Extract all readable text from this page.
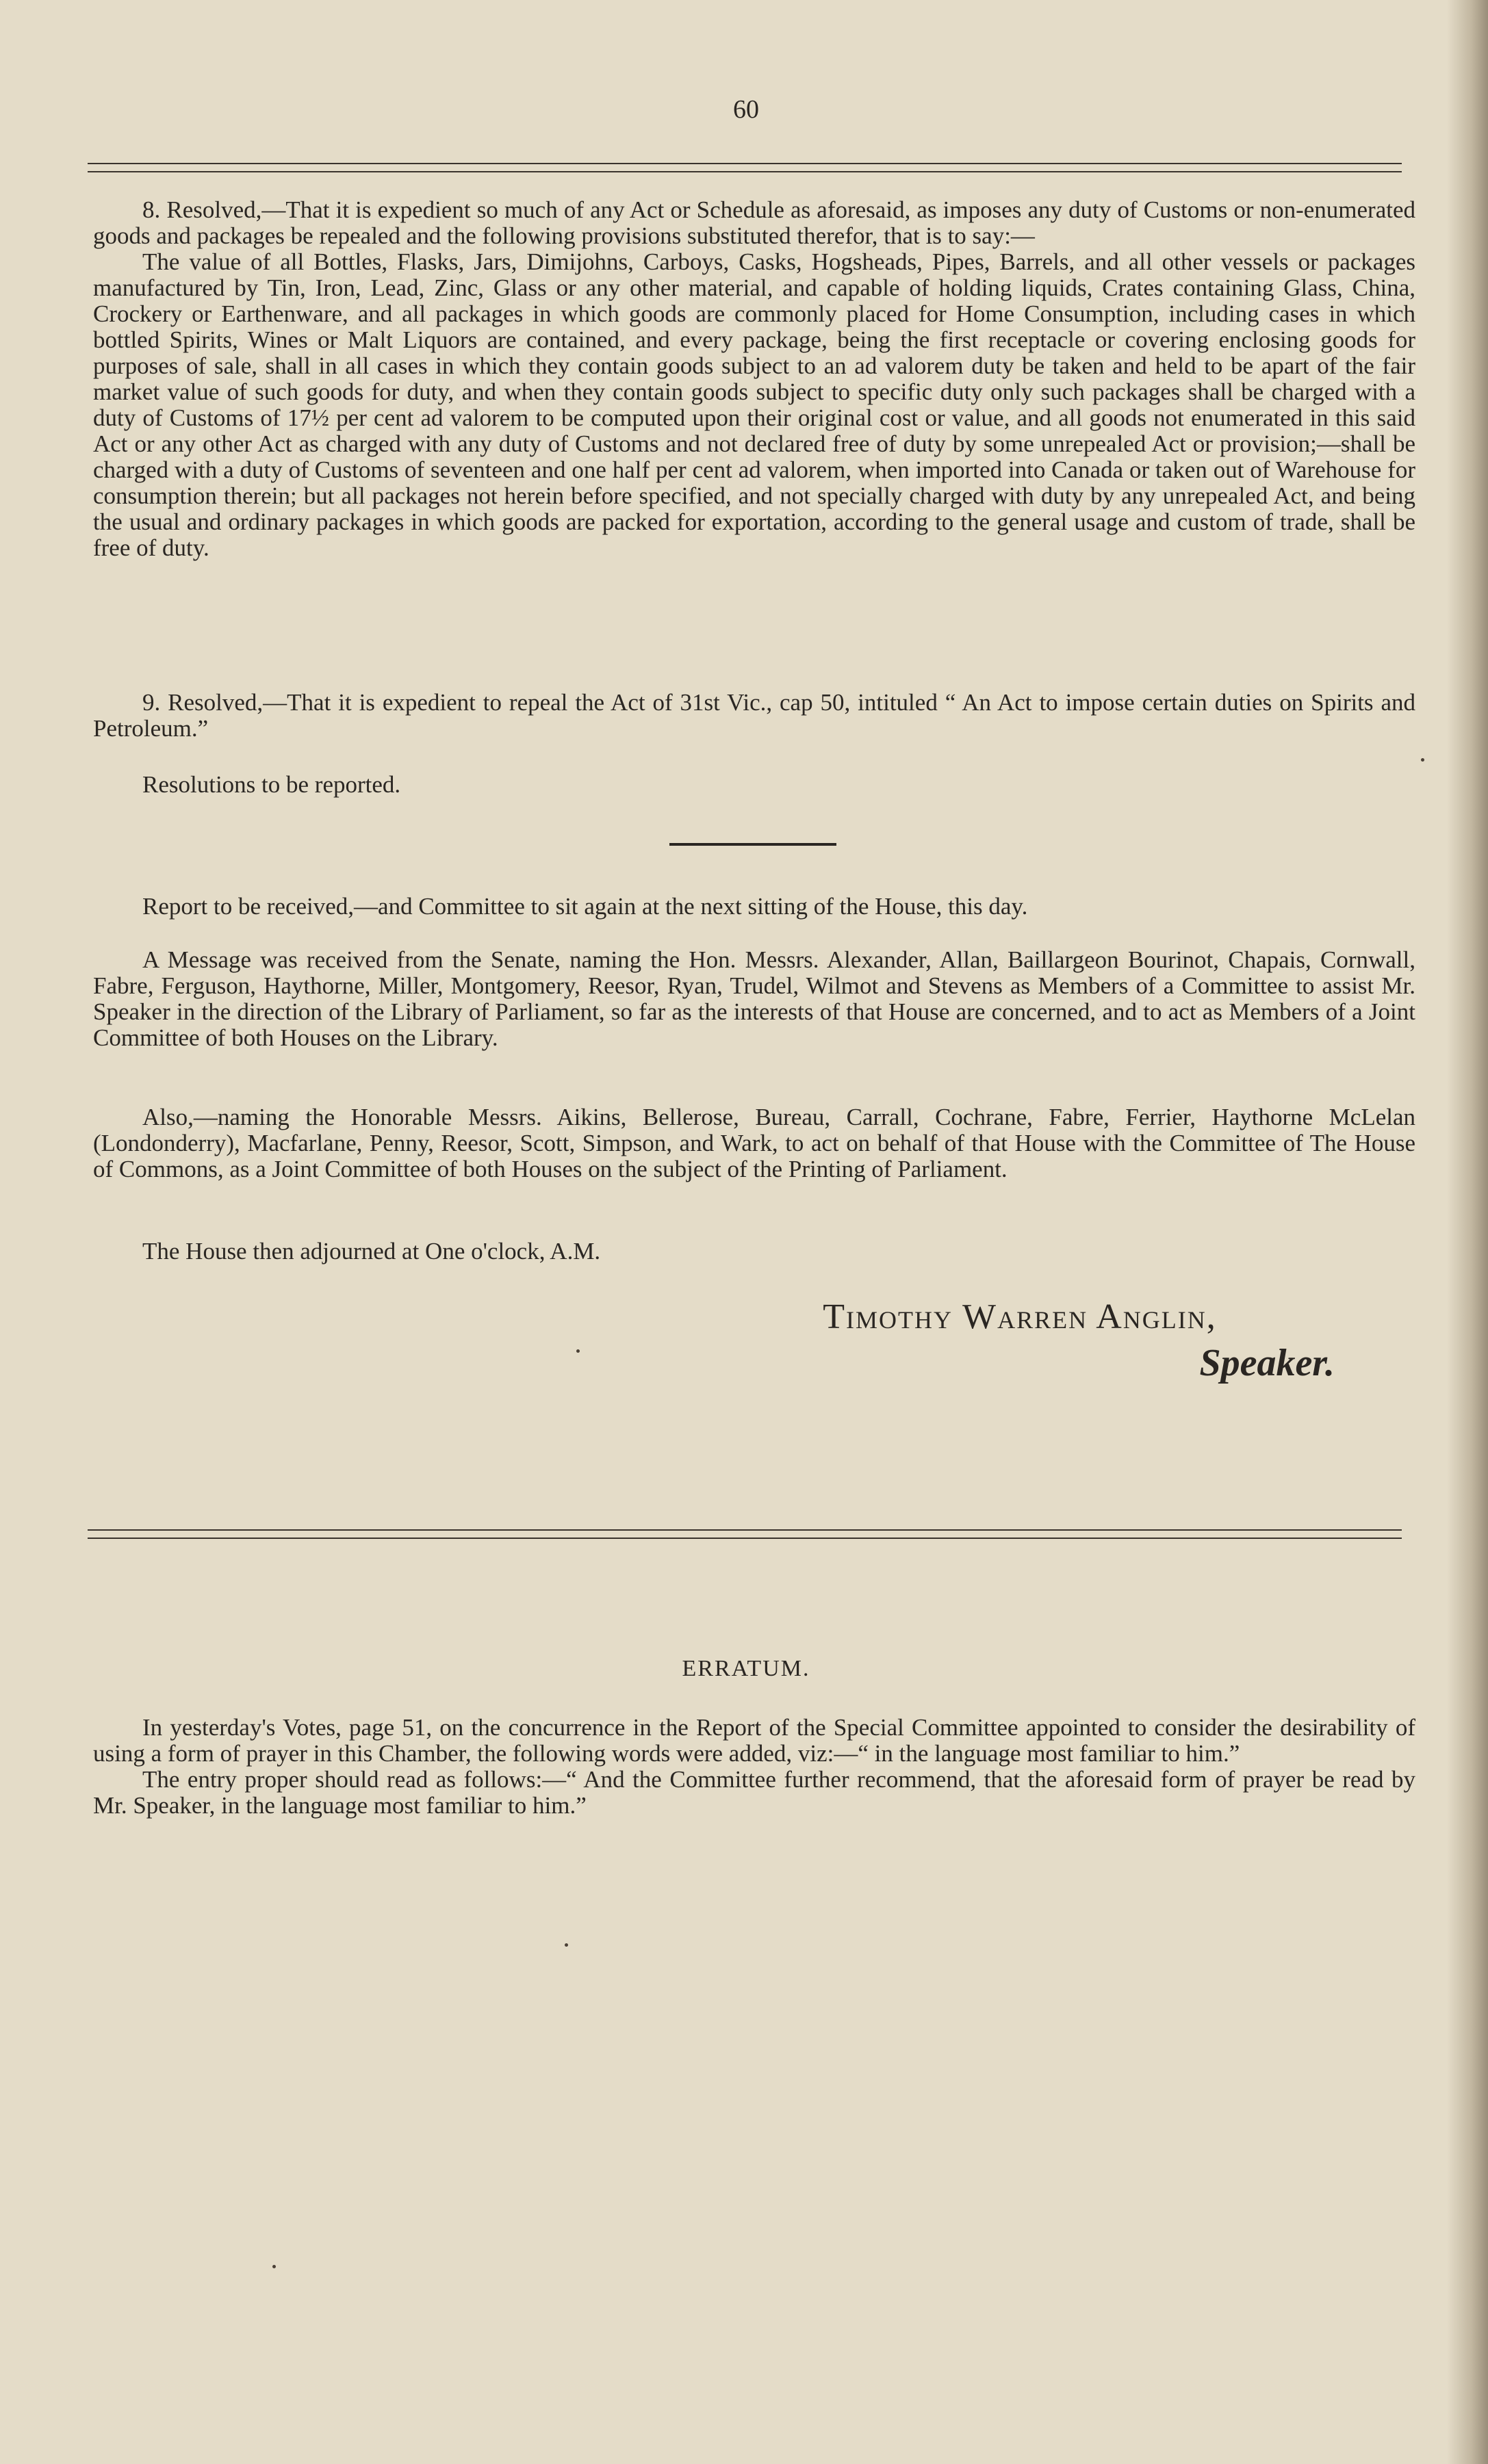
60

8. Resolved,—That it is expedient so much of any Act or Schedule as aforesaid, as imposes any duty of Customs or non-enumerated goods and packages be repealed and the following provisions substituted therefor, that is to say:—

The value of all Bottles, Flasks, Jars, Dimijohns, Carboys, Casks, Hogsheads, Pipes, Barrels, and all other vessels or packages manufactured by Tin, Iron, Lead, Zinc, Glass or any other material, and capable of holding liquids, Crates containing Glass, China, Crockery or Earthenware, and all packages in which goods are commonly placed for Home Consumption, including cases in which bottled Spirits, Wines or Malt Liquors are contained, and every package, being the first receptacle or covering enclosing goods for purposes of sale, shall in all cases in which they contain goods subject to an ad valorem duty be taken and held to be apart of the fair market value of such goods for duty, and when they contain goods subject to specific duty only such packages shall be charged with a duty of Customs of 17½ per cent ad valorem to be computed upon their original cost or value, and all goods not enumerated in this said Act or any other Act as charged with any duty of Customs and not declared free of duty by some unrepealed Act or provision;—shall be charged with a duty of Customs of seventeen and one half per cent ad valorem, when imported into Canada or taken out of Warehouse for consumption therein; but all packages not herein before specified, and not specially charged with duty by any unrepealed Act, and being the usual and ordinary packages in which goods are packed for exportation, according to the general usage and custom of trade, shall be free of duty.

9. Resolved,—That it is expedient to repeal the Act of 31st Vic., cap 50, intituled “ An Act to impose certain duties on Spirits and Petroleum.”

Resolutions to be reported.

Report to be received,—and Committee to sit again at the next sitting of the House, this day.

A Message was received from the Senate, naming the Hon. Messrs. Alexander, Allan, Baillargeon Bourinot, Chapais, Cornwall, Fabre, Ferguson, Haythorne, Miller, Montgomery, Reesor, Ryan, Trudel, Wilmot and Stevens as Members of a Committee to assist Mr. Speaker in the direction of the Library of Parliament, so far as the interests of that House are concerned, and to act as Members of a Joint Committee of both Houses on the Library.

Also,—naming the Honorable Messrs. Aikins, Bellerose, Bureau, Carrall, Cochrane, Fabre, Ferrier, Haythorne McLelan (Londonderry), Macfarlane, Penny, Reesor, Scott, Simpson, and Wark, to act on behalf of that House with the Committee of The House of Commons, as a Joint Committee of both Houses on the subject of the Printing of Parliament.

The House then adjourned at One o'clock, A.M.

Timothy Warren Anglin,
Speaker.
ERRATUM.

In yesterday's Votes, page 51, on the concurrence in the Report of the Special Committee appointed to consider the desirability of using a form of prayer in this Chamber, the following words were added, viz:—“ in the language most familiar to him.”

The entry proper should read as follows:—“ And the Committee further recommend, that the aforesaid form of prayer be read by Mr. Speaker, in the language most familiar to him.”
